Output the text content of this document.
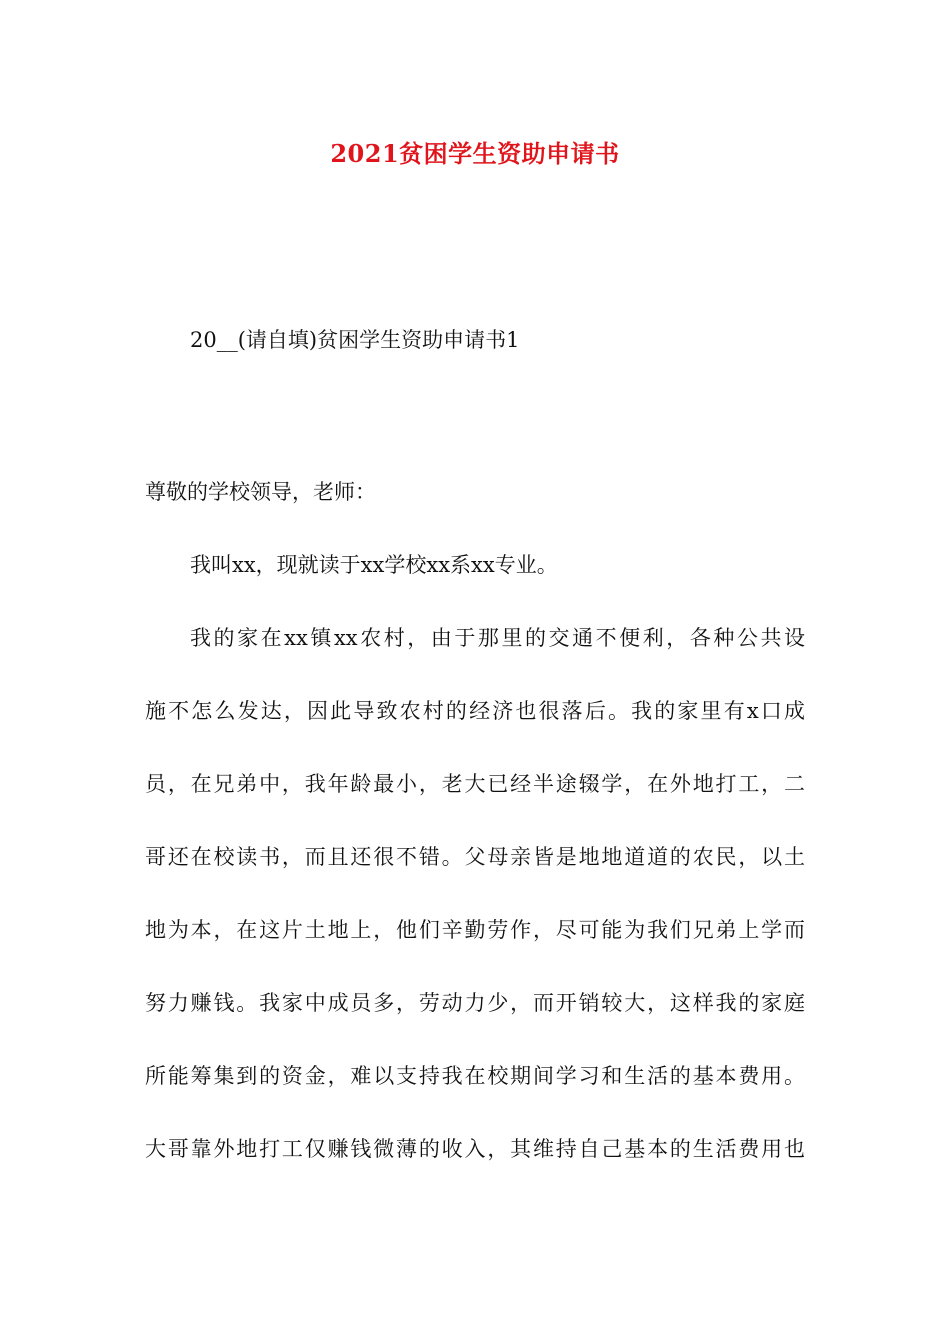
2021贫困学生资助申请书
20__(请自填)贫困学生资助申请书1
尊敬的学校领导，老师：
我叫xx，现就读于xx学校xx系xx专业。
我的家在xx镇xx农村，由于那里的交通不便利，各种公共设
施不怎么发达，因此导致农村的经济也很落后。我的家里有x口成
员，在兄弟中，我年龄最小，老大已经半途辍学，在外地打工，二
哥还在校读书，而且还很不错。父母亲皆是地地道道的农民，以土
地为本，在这片土地上，他们辛勤劳作，尽可能为我们兄弟上学而
努力赚钱。我家中成员多，劳动力少，而开销较大，这样我的家庭
所能筹集到的资金，难以支持我在校期间学习和生活的基本费用。
大哥靠外地打工仅赚钱微薄的收入，其维持自己基本的生活费用也
